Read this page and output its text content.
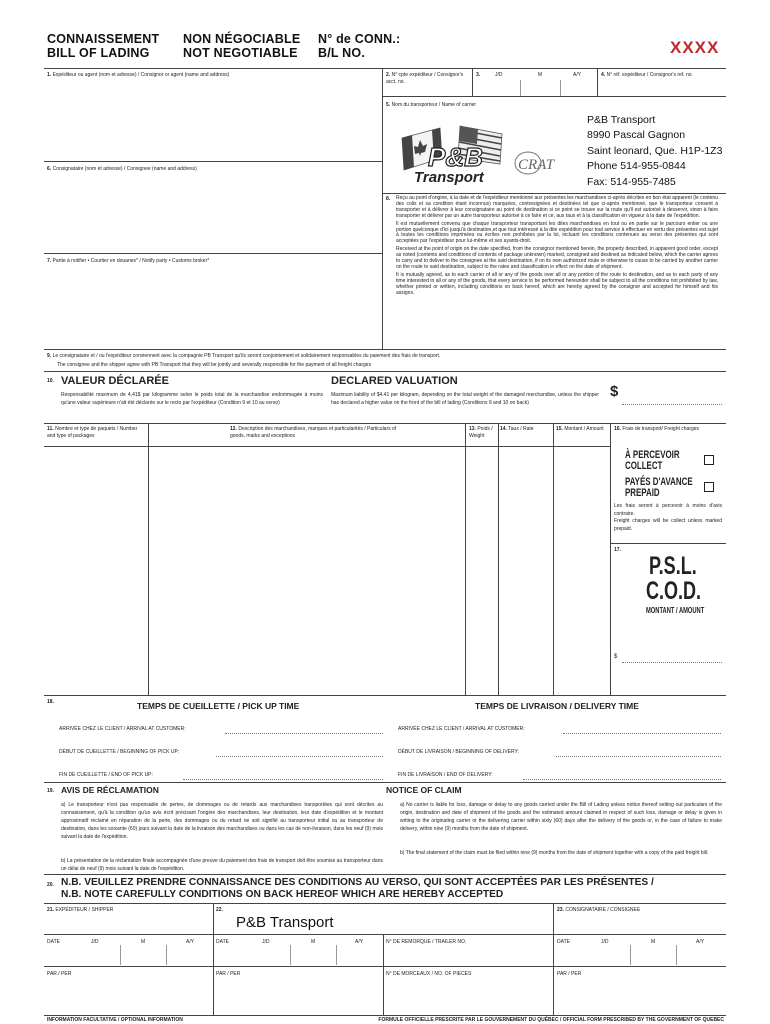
CONNAISSEMENT
BILL OF LADING
NON NÉGOCIABLE
NOT NEGOTIABLE
N° de CONN.:
B/L NO.	XXXX
1. Expéditeur ou agent (nom et adresse) / Consignor or agent (name and address)	2. N° cpte expéditeur / Consignor's acct. no.
3.	J/D	M	A/Y	4. N° réf. expéditeur / Consignor's ref. no.
5. Nom du transporteur / Name of carrier
P&B
Transport
CRAT
P&B Transport
8990 Pascal Gagnon
Saint leonard, Que. H1P-1Z3
Phone 514-955-0844
Fax: 514-955-7485
6. Consignataire (nom et adresse) / Consignee (name and address)
7. Partie à notifier • Courtier en douanes* / Notify party • Customs broker*
8. Reçu au point d'origine, à la date et de l'expéditeur mentionné aux présentes les marchandises ci-après décrites en bon état apparent (le contenu des colis et sa condition étant inconnus) marquées, contresignées et destinées tel que ci-après mentionné, que le transporteur consent à transporter et à délivrer à leur consignataire au point de destination si ce point se trouve sur la route qu'il est autorisé à desservir, sinon à faire transporter et délivrer par un autre transporteur autorisé à ce faire et ce, aux taux et à la classification en vigueur à la date de l'expédition.
Il est mutuellement convenu que chaque transporteur transportant les dites marchandises en tout ou en partie sur le parcours entier ou une portion quelconque d'ici jusqu'à destination,et que tout intéressé à la dite expédition pour tout service à effectuer en vertu des présentes est sujet à toutes les conditions imprimées ou écrites non prohibées par la loi, incluant les conditions contenues au verso des présentes qui sont acceptées par l'expéditeur pour lui-même et ses ayants-droit.
Received at the point of origin on the date specified, from the consignor mentioned herein, the property described, in apparent good order, except as noted (contents and conditions of contents of package unknown) marked, consigned and destined as indicated below, which the carrier agrees to carry and to deliver to the consignee at the said destination, if on its own authorized route or otherwise to cause to be carried by another carrier on the route to said destination, subject to the rates and classification in effect on the date of shipment.
It is mutually agreed, as to each carrier of all or any of the goods over all or any portion of the route to destination, and as to each party of any time interested in all or any of the goods, that every service to be performed hereunder shall be subject to all the conditions not prohibited by law, whether printed or written, including conditions on back hereof, which are hereby agreed by the consignor and accepted for himself and his assigns.
9. Le consignataire et / ou l'expéditeur conviennent avec la compagnie PB Transport qu'ils seront conjointement et solidairement responsables du paiement des frais de transport.
The consignee and the shipper agree with PB Transport that they will be jointly and severally responsible for the payment of all freight charges
10. VALEUR DÉCLARÉE	DECLARED VALUATION
Responsabilité maximum de 4,41$ par kilogramme selon le poids total de la marchandise endommagée à moins qu'une valeur supérieure n'ait été déclarée sur le recto par l'expéditeur (Condition 9 et 10 au verso)
Maximum liability of $4.41 per kilogram, depending on the total weight of the damaged merchandise, unless the shipper has declared a higher value on the front of the bill of lading (Conditions 9 and 10 on back)
$
11. Nombre et type de paquets / Number and type of packages
12. Description des marchandises, marques et particularités / Particulars of goods, marks and exceptions
13. Poids / Weight
14. Taux / Rate	15. Montant / Amount	16. Frais de transport/ Freight charges
À PERCEVOIR
COLLECT
PAYÉS D'AVANCE
PREPAID
Les frais seront à percevoir à moins d'avis contraire.
Freight charges will be collect unless marked prepaid.
17.
P.S.L.
C.O.D.
MONTANT / AMOUNT
$
18.	TEMPS DE CUEILLETTE / PICK UP TIME	TEMPS DE LIVRAISON / DELIVERY TIME
ARRIVÉE CHEZ LE CLIENT / ARRIVAL AT CUSTOMER:	ARRIVÉE CHEZ LE CLIENT / ARRIVAL AT CUSTOMER:
DÉBUT DE CUEILLETTE / BEGINNING OF PICK UP:	DÉBUT DE LIVRAISON / BEGINNING OF DELIVERY:
FIN DE CUEILLETTE / END OF PICK UP:	FIN DE LIVRAISON / END OF DELIVERY:
19. AVIS DE RÉCLAMATION	NOTICE OF CLAIM
a) Le transporteur n'est pas responsable de pertes, de dommages ou de retards aux marchandises transportées qui sont décrites au connaissement, qu'à la condition qu'un avis écrit précisant l'origine des marchandises, leur destination, leur date d'expédition et le montant approximatif réclamé en réparation de la perte, des dommages ou du retard ne soit signifié au transporteur initial ou au transporteur de destination, dans les soixante (60) jours suivant la date de la livraison des marchandises ou dans les cas de non-livraison, dans les neuf (9) mois suivant la date de l'expédition.
b) La présentation de la réclamation finale accompagnée d'une preuve du paiement des frais de transport doit être soumise au transporteur dans un délai de neuf (9) mois suivant la date de l'expédition.
a) No carrier is liable for loss, damage or delay to any goods carried under the Bill of Lading unless notice thereof setting out particulars of the origin, destination and date of shipment of the goods and the estimated amount claimed in respect of such loss, damage or delay is given in writing to the originating carrier or the delivering carrier within sixty (60) days after the delivery of the goods or, in the case of failure to make delivery, within nine (9) months from the date of shipment.
b) The final statement of the claim must be filed within nine (9) months from the date of shipment together with a copy of the paid freight bill.
20. N.B. VEUILLEZ PRENDRE CONNAISSANCE DES CONDITIONS AU VERSO, QUI SONT ACCEPTÉES PAR LES PRÉSENTES /
N.B. NOTE CAREFULLY CONDITIONS ON BACK HEREOF WHICH ARE HEREBY ACCEPTED
21. EXPÉDITEUR / SHIPPER	22.
P&B Transport
23. CONSIGNATAIRE / CONSIGNEE
DATE	J/D	M	A/Y	DATE	J/D	M	A/Y	N° DE REMORQUE / TRAILER NO.	DATE	J/D	M	A/Y
PAR / PER	PAR / PER	N° DE MORCEAUX / NO. OF PIECES	PAR / PER
INFORMATION FACULTATIVE / OPTIONAL INFORMATION	FORMULE OFFICIELLE PRESCRITE PAR LE GOUVERNEMENT DU QUÉBEC / OFFICIAL FORM PRESCRIBED BY THE GOVERNMENT OF QUEBEC
